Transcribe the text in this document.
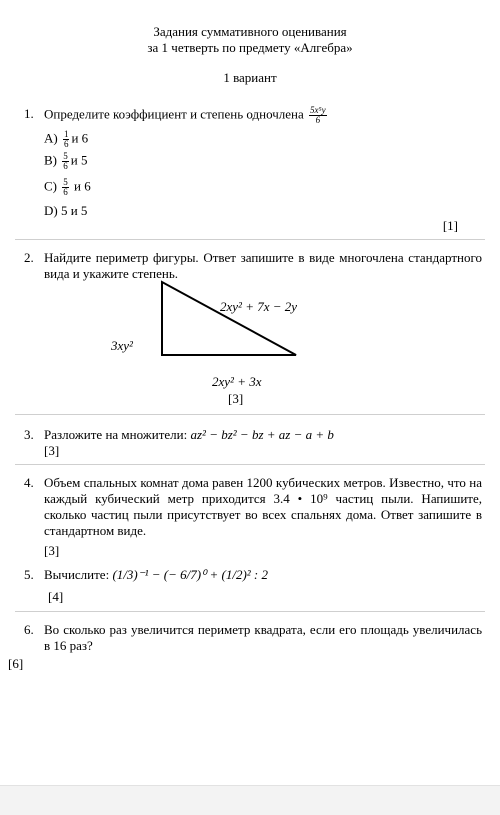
Задания суммативного оценивания
за 1 четверть по предмету «Алгебра»
1 вариант
1. Определите коэффициент и степень одночлена $\frac{\text{5x⁵y}}{6}$
$A) \frac{1}{6}$ и 6
$B) \frac{5}{6}$ и 5
$C) \frac{5}{6}$ и 6
D) 5 и 5
[1]
2. Найдите периметр фигуры. Ответ запишите в виде многочлена стандартного вида и укажите степень.
2xy² + 7x − 2y
3xy²
2xy² + 3x
[3]
3. Разложите на множители: az² − bz² − bz + az − a + b
[3]
4. Объем спальных комнат дома равен 1200 кубических метров. Известно, что на каждый кубический метр приходится 3.4 • 10⁹ частиц пыли. Напишите, сколько частиц пыли присутствует во всех спальнях дома. Ответ запишите в стандартном виде.
[3]
5. Вычислите: (1/3)⁻¹ − (− 6/7)⁰ + (1/2)² : 2
[4]
6. Во сколько раз увеличится периметр квадрата, если его площадь увеличилась в 16 раз?
[6]
